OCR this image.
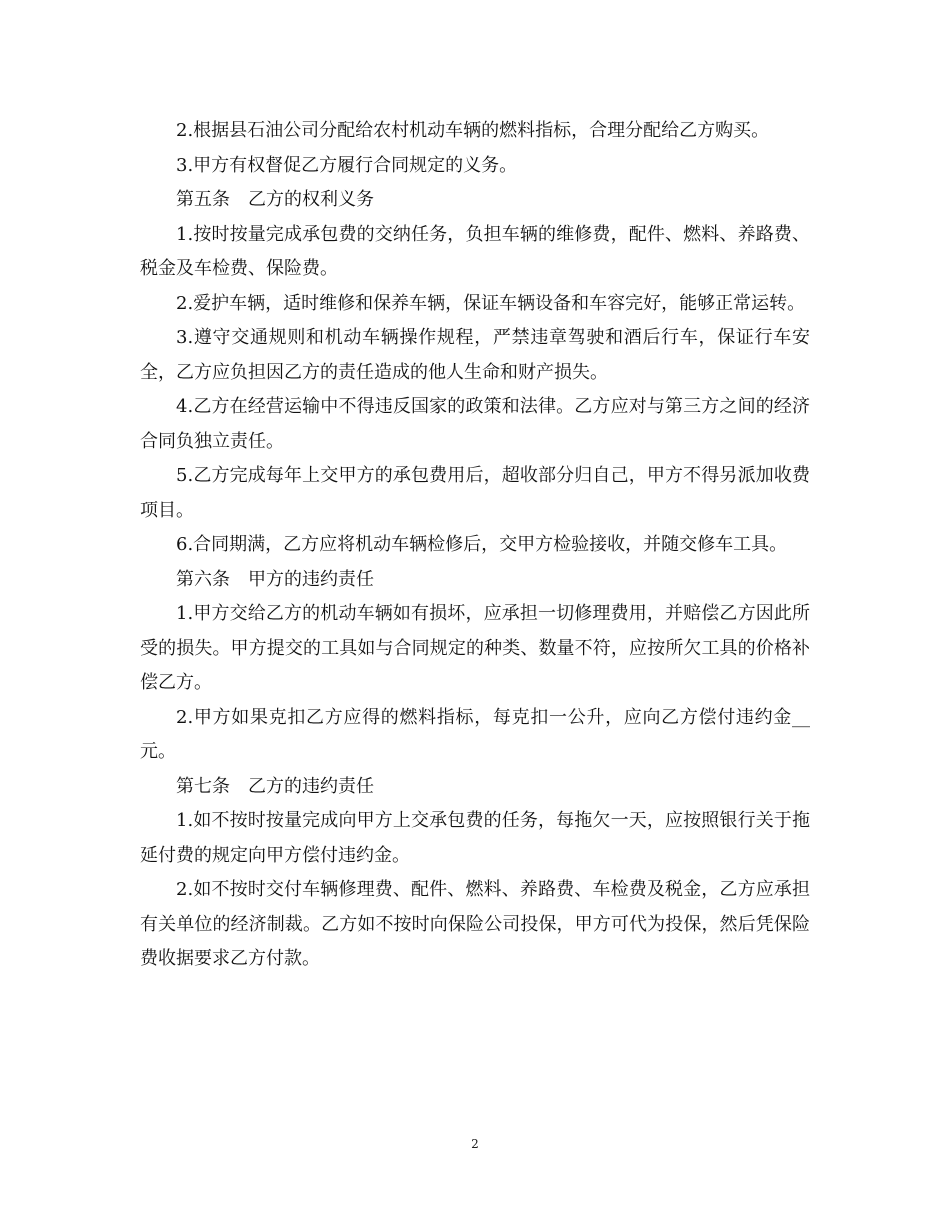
2.根据县石油公司分配给农村机动车辆的燃料指标，合理分配给乙方购买。

3.甲方有权督促乙方履行合同规定的义务。

第五条　乙方的权利义务

1.按时按量完成承包费的交纳任务，负担车辆的维修费，配件、燃料、养路费、税金及车检费、保险费。

2.爱护车辆，适时维修和保养车辆，保证车辆设备和车容完好，能够正常运转。

3.遵守交通规则和机动车辆操作规程，严禁违章驾驶和酒后行车，保证行车安全，乙方应负担因乙方的责任造成的他人生命和财产损失。

4.乙方在经营运输中不得违反国家的政策和法律。乙方应对与第三方之间的经济合同负独立责任。

5.乙方完成每年上交甲方的承包费用后，超收部分归自己，甲方不得另派加收费项目。

6.合同期满，乙方应将机动车辆检修后，交甲方检验接收，并随交修车工具。

第六条　甲方的违约责任

1.甲方交给乙方的机动车辆如有损坏，应承担一切修理费用，并赔偿乙方因此所受的损失。甲方提交的工具如与合同规定的种类、数量不符，应按所欠工具的价格补偿乙方。

2.甲方如果克扣乙方应得的燃料指标，每克扣一公升，应向乙方偿付违约金__元。

第七条　乙方的违约责任

1.如不按时按量完成向甲方上交承包费的任务，每拖欠一天，应按照银行关于拖延付费的规定向甲方偿付违约金。

2.如不按时交付车辆修理费、配件、燃料、养路费、车检费及税金，乙方应承担有关单位的经济制裁。乙方如不按时向保险公司投保，甲方可代为投保，然后凭保险费收据要求乙方付款。

2
